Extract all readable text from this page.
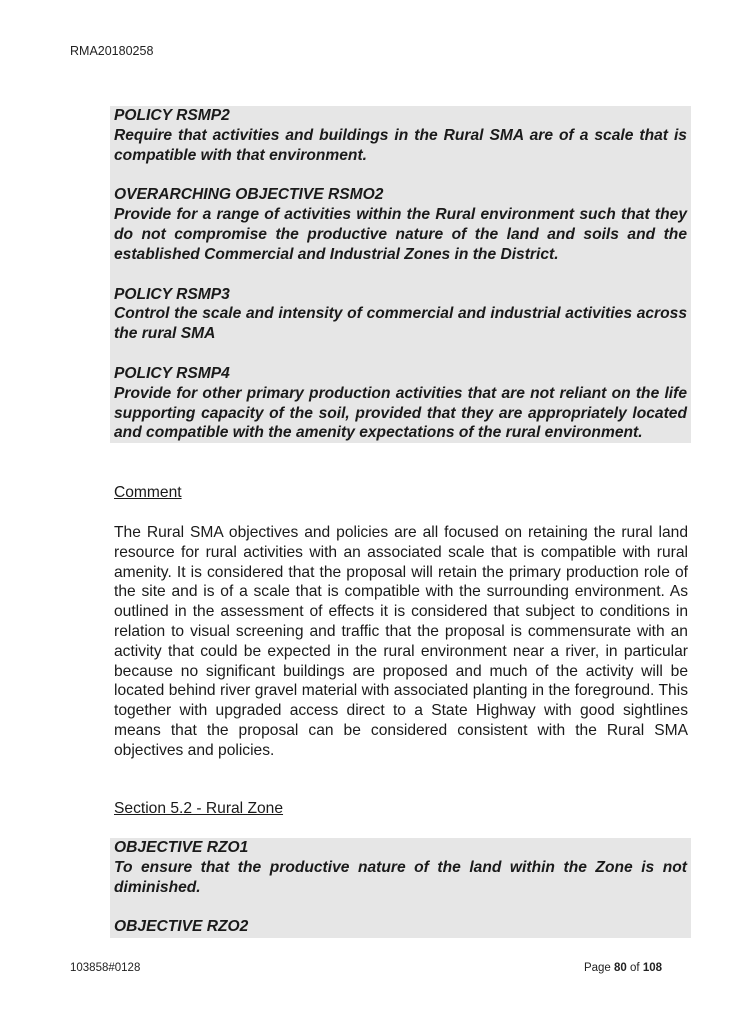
RMA20180258
POLICY RSMP2
Require that activities and buildings in the Rural SMA are of a scale that is compatible with that environment.
OVERARCHING OBJECTIVE RSMO2
Provide for a range of activities within the Rural environment such that they do not compromise the productive nature of the land and soils and the established Commercial and Industrial Zones in the District.
POLICY RSMP3
Control the scale and intensity of commercial and industrial activities across the rural SMA
POLICY RSMP4
Provide for other primary production activities that are not reliant on the life supporting capacity of the soil, provided that they are appropriately located and compatible with the amenity expectations of the rural environment.
Comment
The Rural SMA objectives and policies are all focused on retaining the rural land resource for rural activities with an associated scale that is compatible with rural amenity. It is considered that the proposal will retain the primary production role of the site and is of a scale that is compatible with the surrounding environment. As outlined in the assessment of effects it is considered that subject to conditions in relation to visual screening and traffic that the proposal is commensurate with an activity that could be expected in the rural environment near a river, in particular because no significant buildings are proposed and much of the activity will be located behind river gravel material with associated planting in the foreground. This together with upgraded access direct to a State Highway with good sightlines means that the proposal can be considered consistent with the Rural SMA objectives and policies.
Section 5.2 - Rural Zone
OBJECTIVE RZO1
To ensure that the productive nature of the land within the Zone is not diminished.
OBJECTIVE RZO2
103858#0128	Page 80 of 108
